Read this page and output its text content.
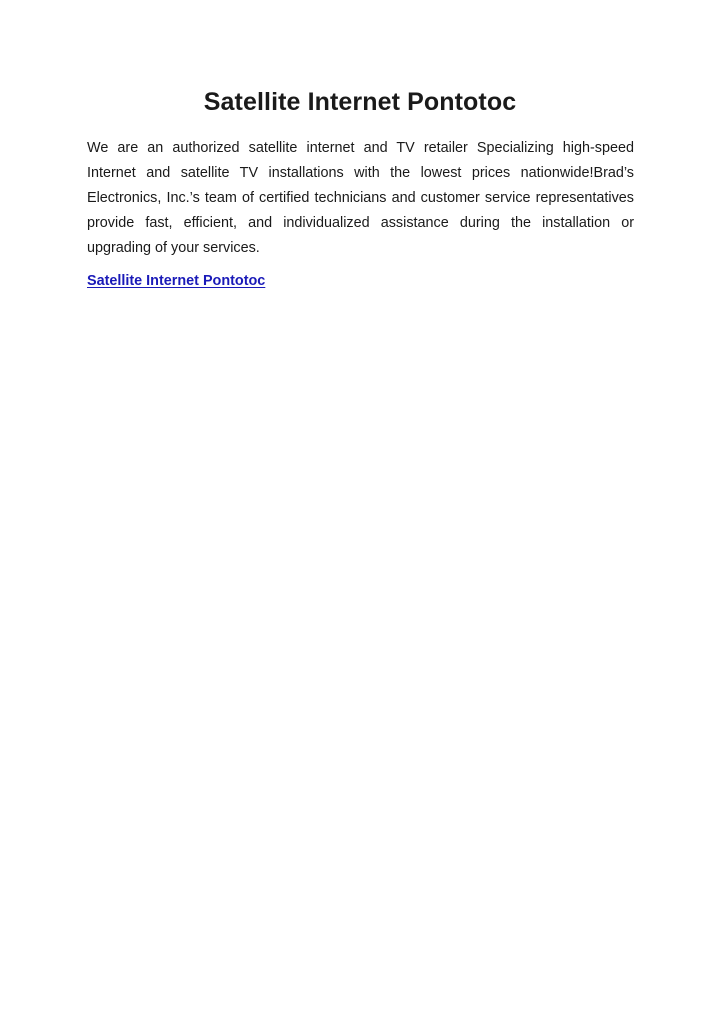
Satellite Internet Pontotoc
We are an authorized satellite internet and TV retailer Specializing high-speed Internet and satellite TV installations with the lowest prices nationwide!Brad’s Electronics, Inc.’s team of certified technicians and customer service representatives provide fast, efficient, and individualized assistance during the installation or upgrading of your services.
Satellite Internet Pontotoc
